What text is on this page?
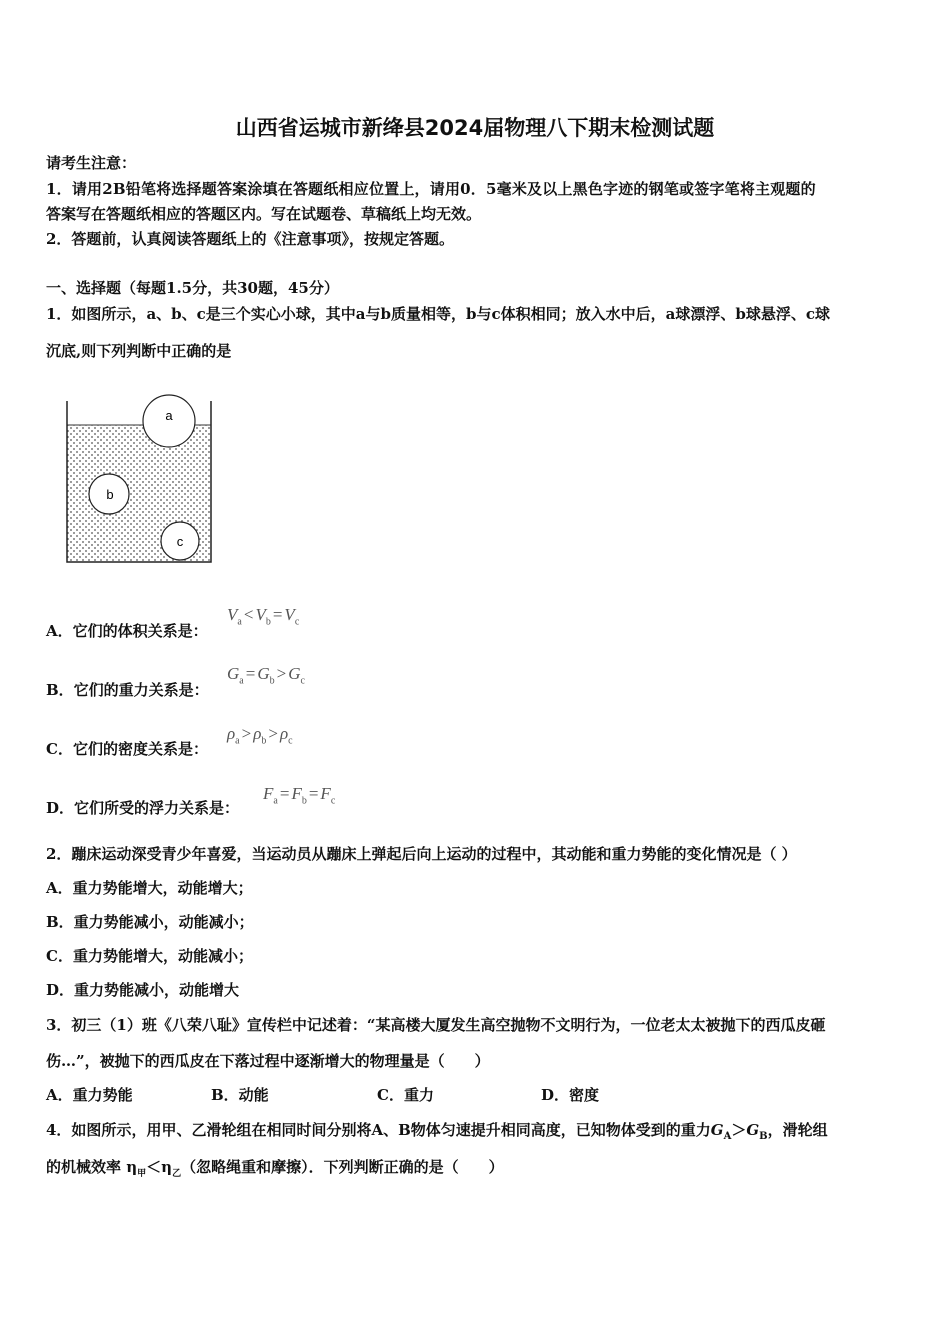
山西省运城市新绛县2024届物理八下期末检测试题
请考生注意：
1．请用2B铅笔将选择题答案涂填在答题纸相应位置上，请用0．5毫米及以上黑色字迹的钢笔或签字笔将主观题的
答案写在答题纸相应的答题区内。写在试题卷、草稿纸上均无效。
2．答题前，认真阅读答题纸上的《注意事项》，按规定答题。
一、选择题（每题1.5分，共30题，45分）
1．如图所示，a、b、c是三个实心小球，其中a与b质量相等，b与c体积相同；放入水中后，a球漂浮、b球悬浮、c球
沉底,则下列判断中正确的是
a
b
c
A．它们的体积关系是：
$V_a < V_b = V_c$
B．它们的重力关系是：
$G_a = G_b > G_c$
C．它们的密度关系是：
$\rho_a > \rho_b > \rho_c$
D．它们所受的浮力关系是：
$F_a = F_b = F_c$
2．蹦床运动深受青少年喜爱，当运动员从蹦床上弹起后向上运动的过程中，其动能和重力势能的变化情况是（ ）
A．重力势能增大，动能增大；
B．重力势能减小，动能减小；
C．重力势能增大，动能减小；
D．重力势能减小，动能增大
3．初三（1）班《八荣八耻》宣传栏中记述着：“某高楼大厦发生高空抛物不文明行为，一位老太太被抛下的西瓜皮砸
伤…”，被抛下的西瓜皮在下落过程中逐渐增大的物理量是（　　）
A．重力势能	B．动能	C．重力	D．密度
4．如图所示，用甲、乙滑轮组在相同时间分别将A、B物体匀速提升相同高度，已知物体受到的重力$G_A>G_B$，滑轮组
的机械效率 $\eta_甲<\eta_乙$（忽略绳重和摩擦）．下列判断正确的是（　　）
